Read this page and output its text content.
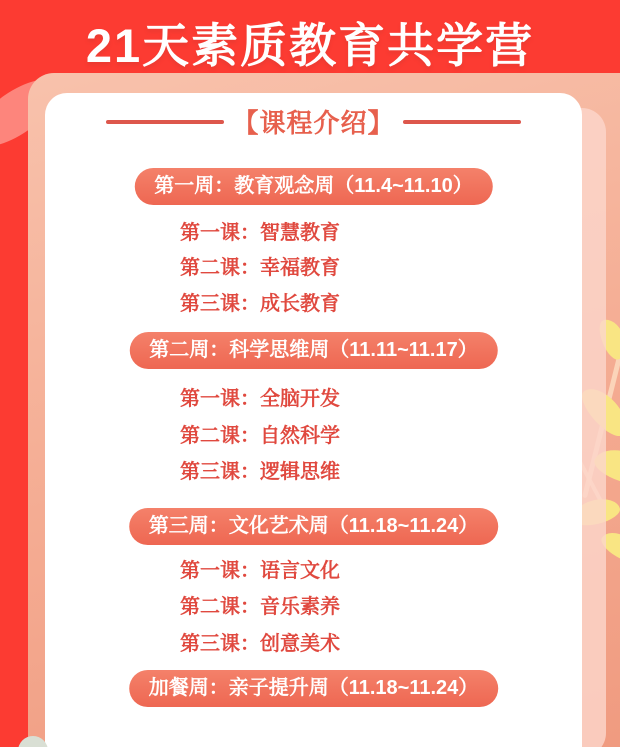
21天素质教育共学营
【课程介绍】
第一周：教育观念周（11.4~11.10）
第一课：智慧教育
第二课：幸福教育
第三课：成长教育
第二周：科学思维周（11.11~11.17）
第一课：全脑开发
第二课：自然科学
第三课：逻辑思维
第三周：文化艺术周（11.18~11.24）
第一课：语言文化
第二课：音乐素养
第三课：创意美术
加餐周：亲子提升周（11.18~11.24）
